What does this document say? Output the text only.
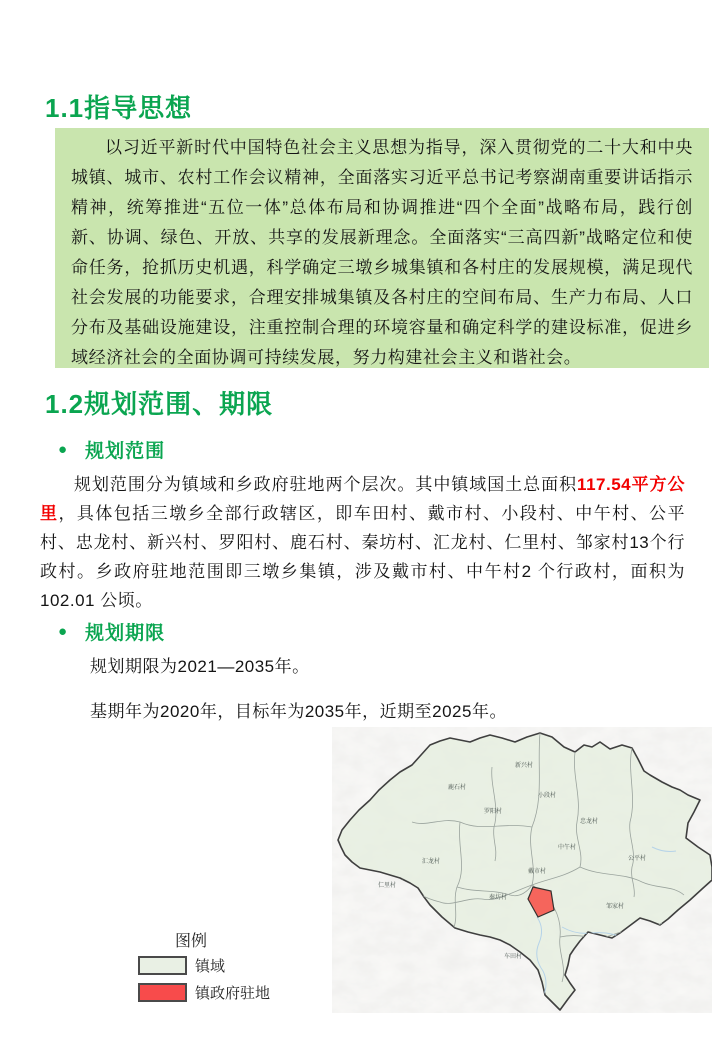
1.1指导思想

以习近平新时代中国特色社会主义思想为指导，深入贯彻党的二十大和中央城镇、城市、农村工作会议精神，全面落实习近平总书记考察湖南重要讲话指示精神，统筹推进“五位一体”总体布局和协调推进“四个全面”战略布局，践行创新、协调、绿色、开放、共享的发展新理念。全面落实“三高四新”战略定位和使命任务，抢抓历史机遇，科学确定三墩乡城集镇和各村庄的发展规模，满足现代社会发展的功能要求，合理安排城集镇及各村庄的空间布局、生产力布局、人口分布及基础设施建设，注重控制合理的环境容量和确定科学的建设标准，促进乡域经济社会的全面协调可持续发展，努力构建社会主义和谐社会。

1.2规划范围、期限
● 规划范围

规划范围分为镇域和乡政府驻地两个层次。其中镇域国土总面积117.54平方公里，具体包括三墩乡全部行政辖区，即车田村、戴市村、小段村、中午村、公平村、忠龙村、新兴村、罗阳村、鹿石村、秦坊村、汇龙村、仁里村、邹家村13个行政村。乡政府驻地范围即三墩乡集镇，涉及戴市村、中午村2 个行政村，面积为102.01 公顷。

● 规划期限
规划期限为2021—2035年。
基期年为2020年，目标年为2035年，近期至2025年。
图例
镇域
镇政府驻地
新兴村
鹿石村
小段村
罗阳村
忠龙村
中午村
公平村
汇龙村
戴市村
仁里村
秦坊村
邹家村
车田村
